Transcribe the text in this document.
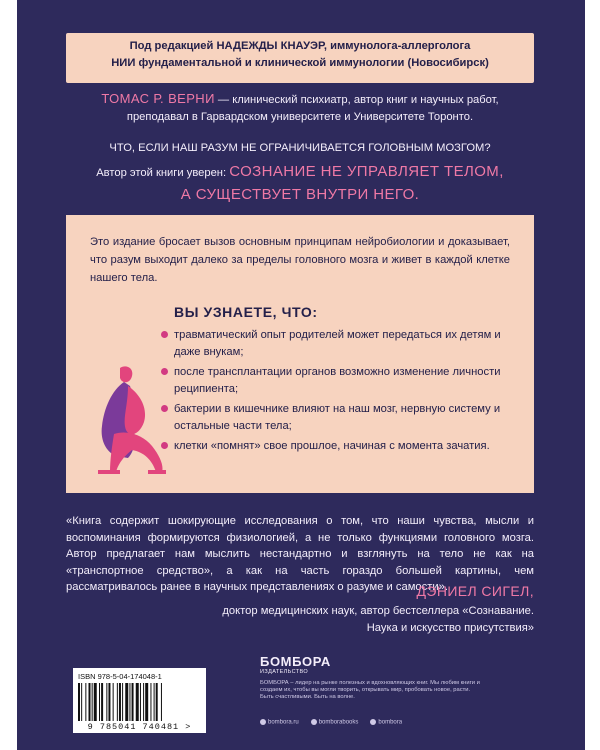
Под редакцией НАДЕЖДЫ КНАУЭР, иммунолога-аллерголога
НИИ фундаментальной и клинической иммунологии (Новосибирск)
ТОМАС Р. ВЕРНИ — клинический психиатр, автор книг и научных работ,
преподавал в Гарвардском университете и Университете Торонто.
ЧТО, ЕСЛИ НАШ РАЗУМ НЕ ОГРАНИЧИВАЕТСЯ ГОЛОВНЫМ МОЗГОМ?
Автор этой книги уверен: СОЗНАНИЕ НЕ УПРАВЛЯЕТ ТЕЛОМ,
А СУЩЕСТВУЕТ ВНУТРИ НЕГО.
Это издание бросает вызов основным принципам нейробиологии и доказывает, что разум выходит далеко за пределы головного мозга и живет в каждой клетке нашего тела.
ВЫ УЗНАЕТЕ, ЧТО:
травматический опыт родителей может передаться их детям и даже внукам;
после трансплантации органов возможно изменение личности реципиента;
бактерии в кишечнике влияют на наш мозг, нервную систему и остальные части тела;
клетки «помнят» свое прошлое, начиная с момента зачатия.
«Книга содержит шокирующие исследования о том, что наши чувства, мысли и воспоминания формируются физиологией, а не только функциями головного мозга. Автор предлагает нам мыслить нестандартно и взглянуть на тело не как на «транспортное средство», а как на часть гораздо большей картины, чем рассматривалось ранее в научных представлениях о разуме и самости».
ДЭНИЕЛ СИГЕЛ,
доктор медицинских наук, автор бестселлера «Сознавание.
Наука и искусство присутствия»
ISBN 978-5-04-174048-1
9 785041 740481 >
БОМБОРА
ИЗДАТЕЛЬСТВО
БОМБОРА – лидер на рынке полезных и вдохновляющих книг. Мы любим книги и создаем их, чтобы вы могли творить, открывать мир, пробовать новое, расти. Быть счастливыми. Быть на волне.
bombora.ru	bomborabooks	bombora
